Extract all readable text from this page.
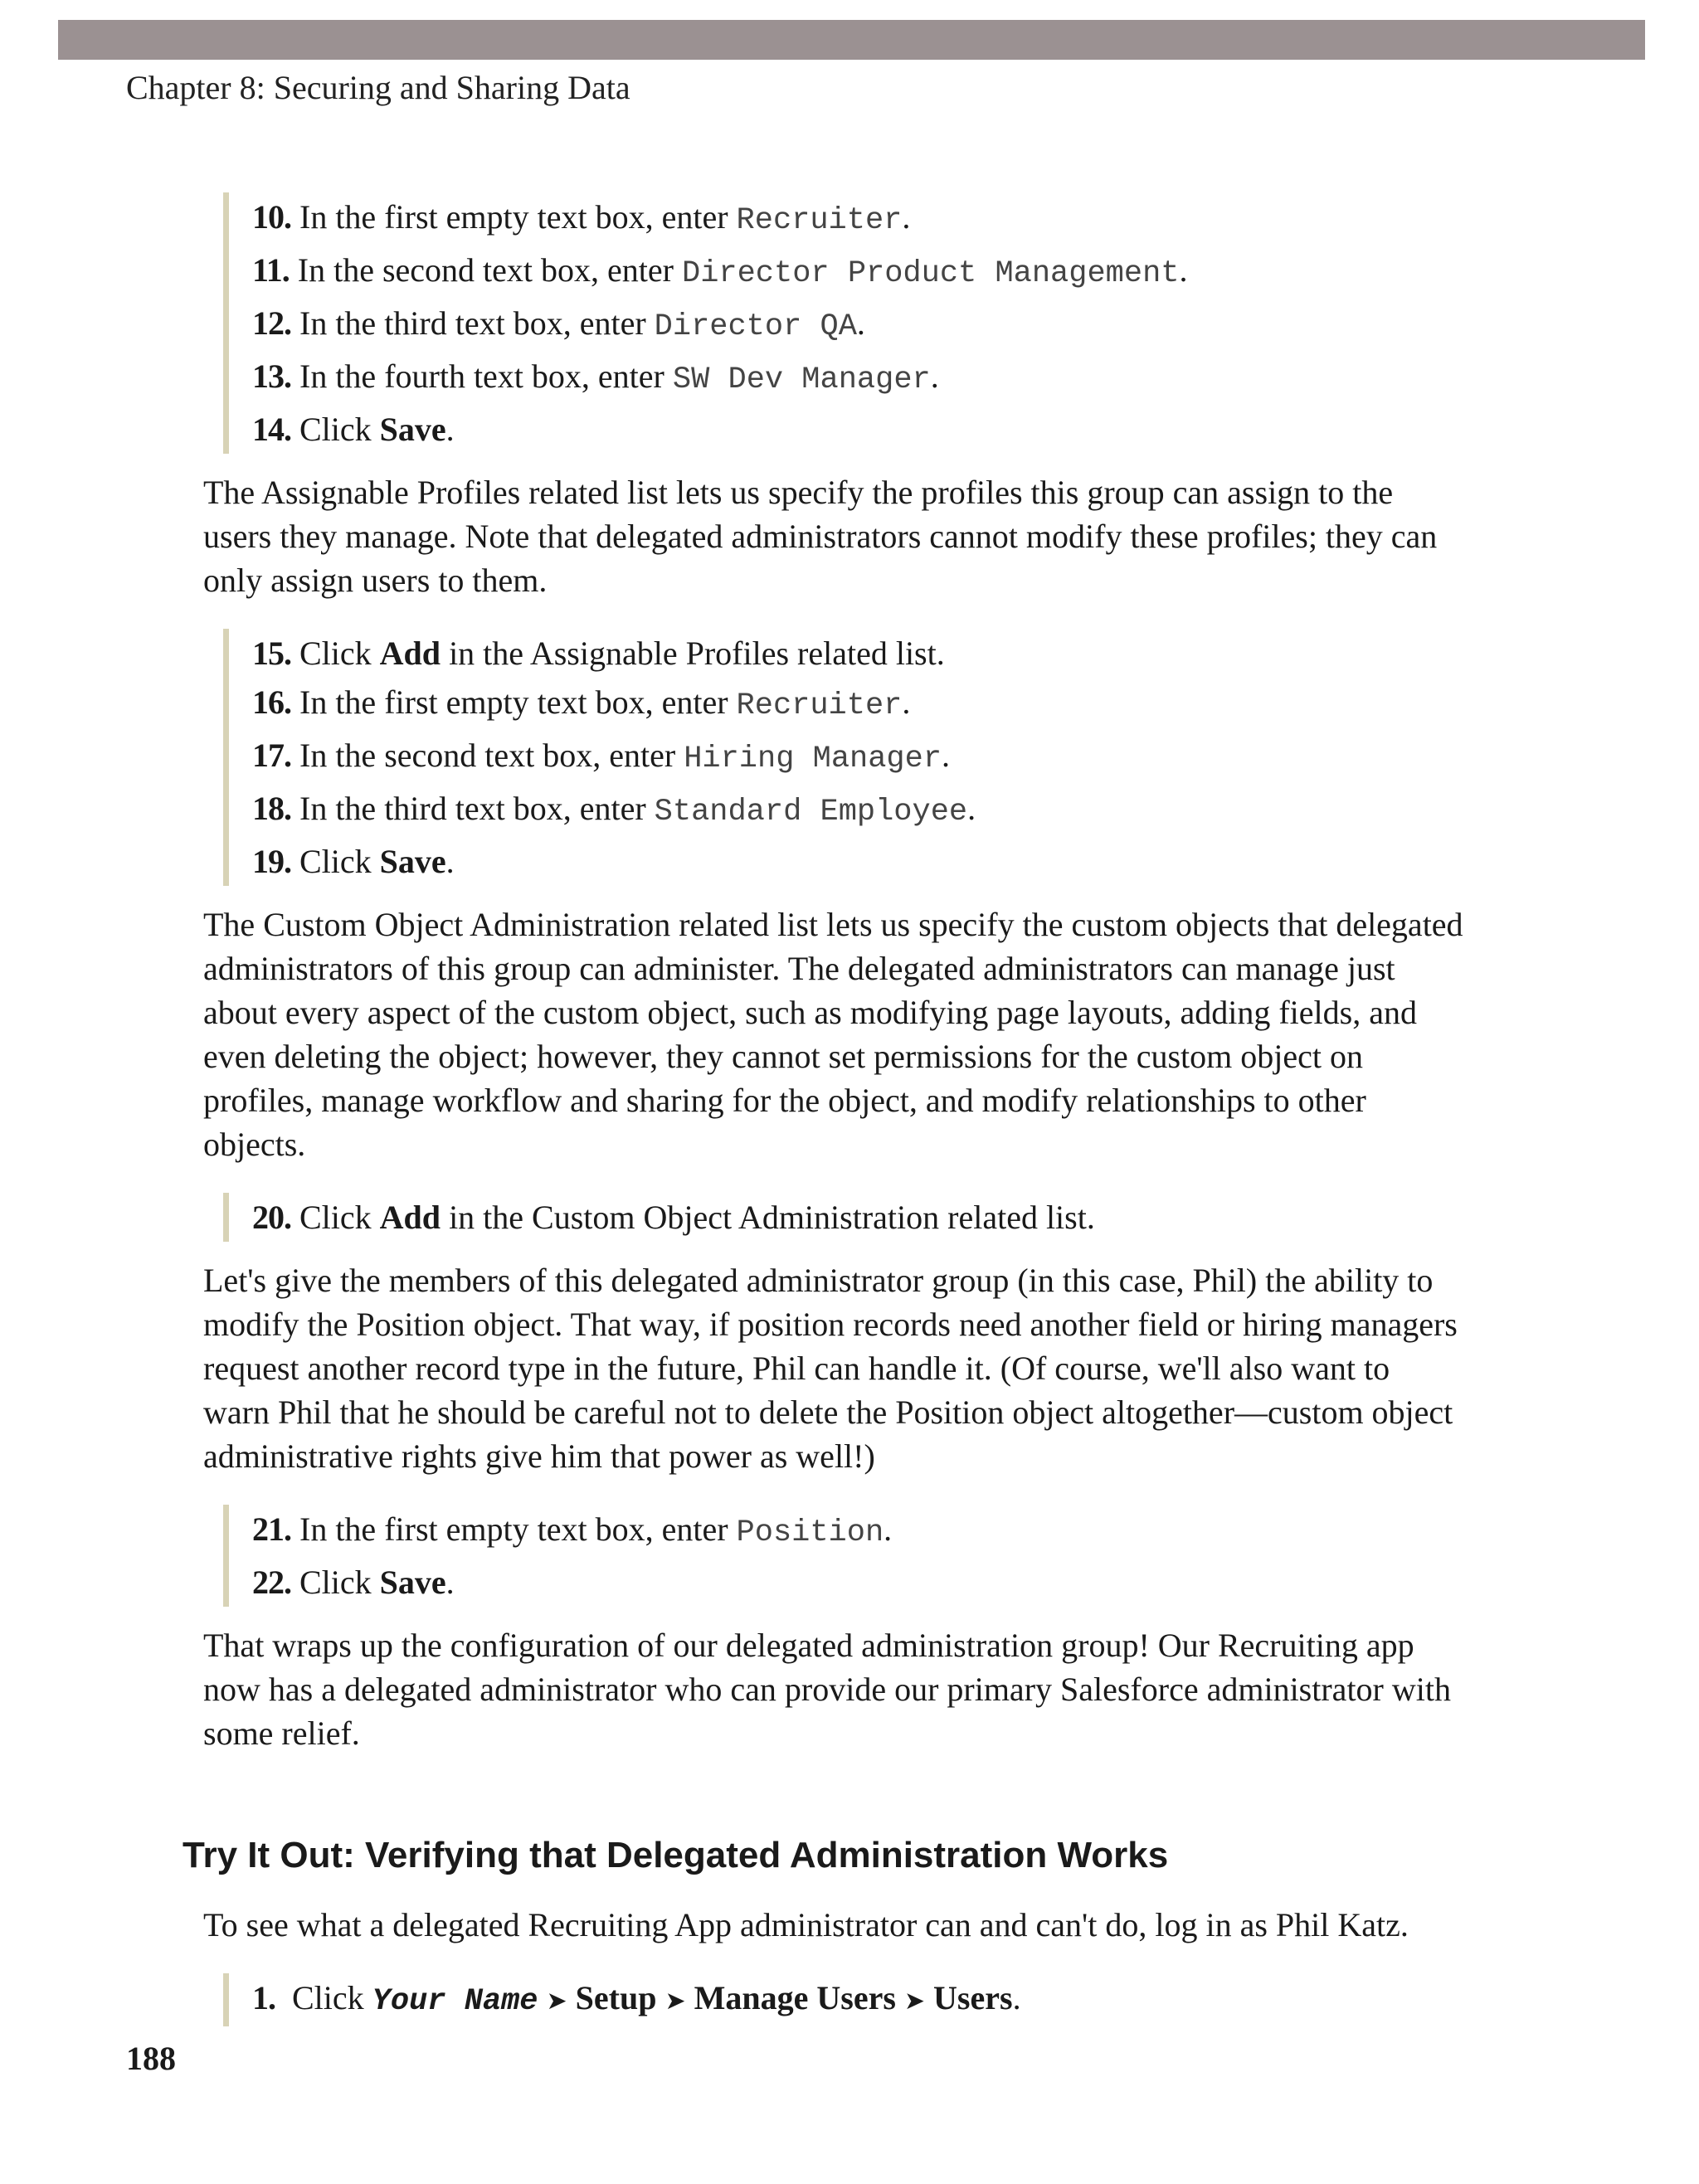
Chapter 8: Securing and Sharing Data
10. In the first empty text box, enter Recruiter.
11. In the second text box, enter Director Product Management.
12. In the third text box, enter Director QA.
13. In the fourth text box, enter SW Dev Manager.
14. Click Save.

The Assignable Profiles related list lets us specify the profiles this group can assign to the users they manage. Note that delegated administrators cannot modify these profiles; they can only assign users to them.

15. Click Add in the Assignable Profiles related list.
16. In the first empty text box, enter Recruiter.
17. In the second text box, enter Hiring Manager.
18. In the third text box, enter Standard Employee.
19. Click Save.

The Custom Object Administration related list lets us specify the custom objects that delegated administrators of this group can administer. The delegated administrators can manage just about every aspect of the custom object, such as modifying page layouts, adding fields, and even deleting the object; however, they cannot set permissions for the custom object on profiles, manage workflow and sharing for the object, and modify relationships to other objects.

20. Click Add in the Custom Object Administration related list.

Let's give the members of this delegated administrator group (in this case, Phil) the ability to modify the Position object. That way, if position records need another field or hiring managers request another record type in the future, Phil can handle it. (Of course, we'll also want to warn Phil that he should be careful not to delete the Position object altogether—custom object administrative rights give him that power as well!)

21. In the first empty text box, enter Position.
22. Click Save.

That wraps up the configuration of our delegated administration group! Our Recruiting app now has a delegated administrator who can provide our primary Salesforce administrator with some relief.

Try It Out: Verifying that Delegated Administration Works

To see what a delegated Recruiting App administrator can and can't do, log in as Phil Katz.

1. Click Your Name ➤ Setup ➤ Manage Users ➤ Users.
188
